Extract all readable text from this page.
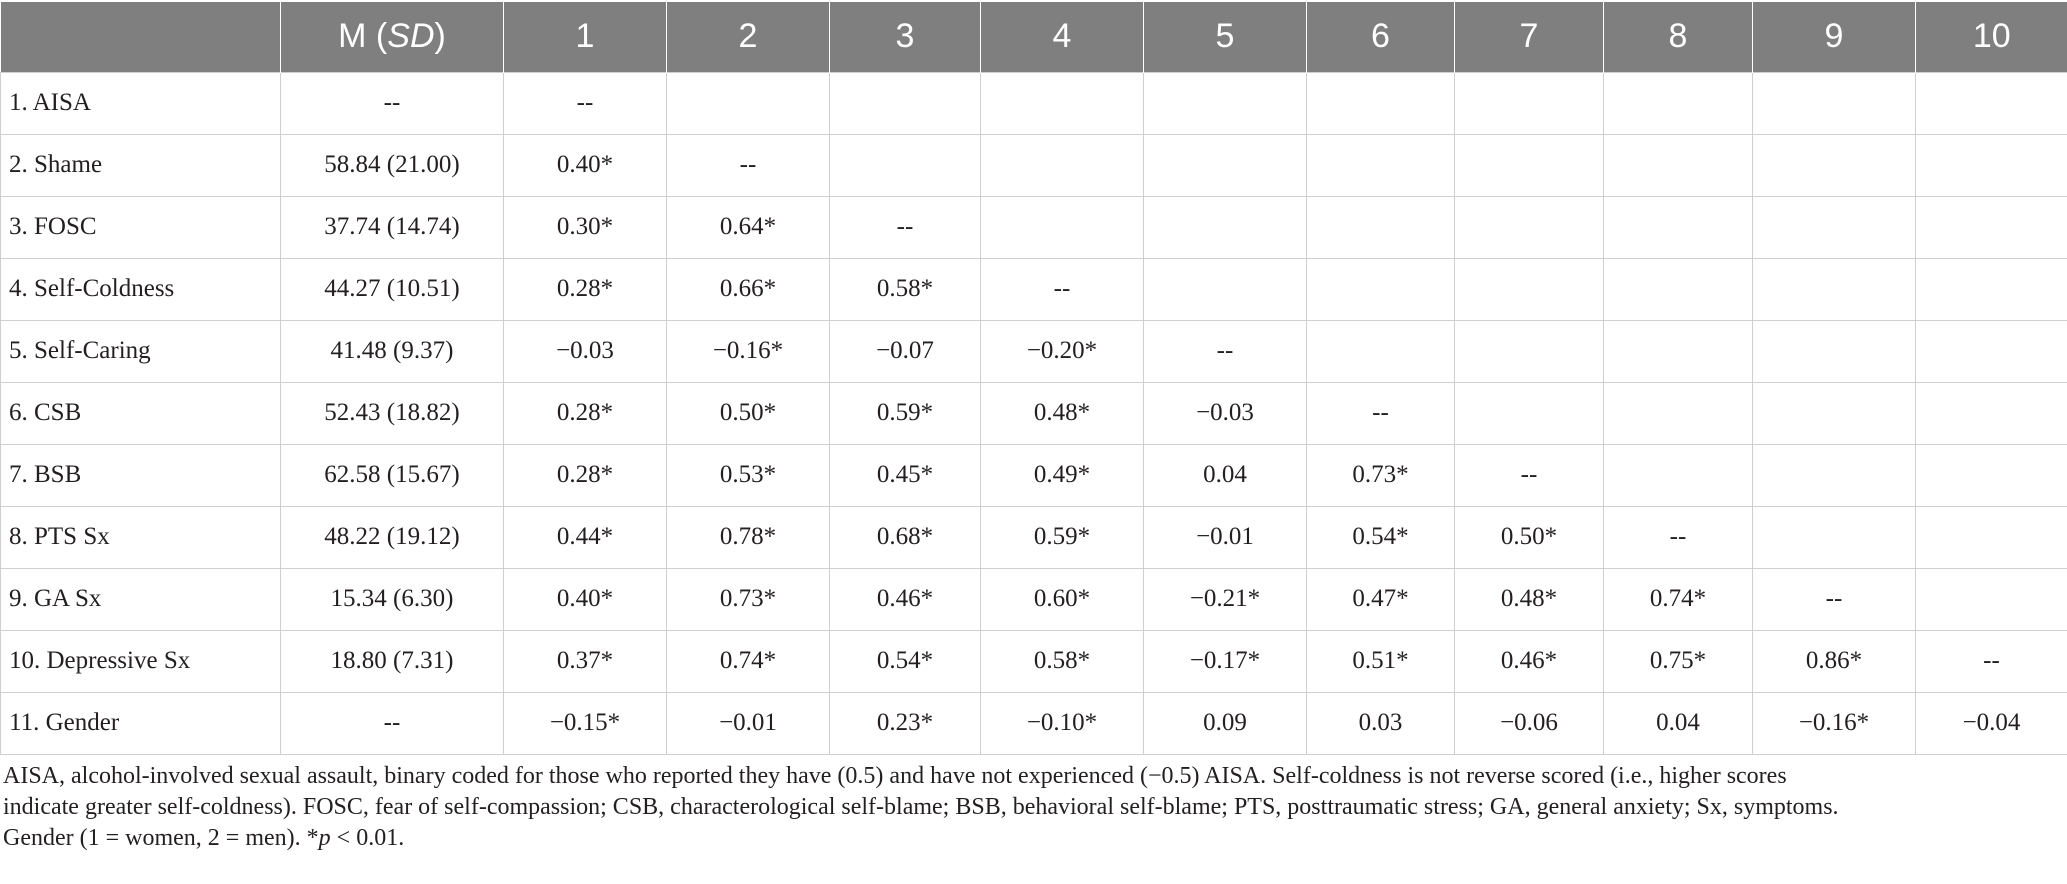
	M (SD)	1	2	3	4	5	6	7	8	9	10
1. AISA	--	--									
2. Shame	58.84 (21.00)	0.40*	--								
3. FOSC	37.74 (14.74)	0.30*	0.64*	--							
4. Self-Coldness	44.27 (10.51)	0.28*	0.66*	0.58*	--						
5. Self-Caring	41.48 (9.37)	−0.03	−0.16*	−0.07	−0.20*	--					
6. CSB	52.43 (18.82)	0.28*	0.50*	0.59*	0.48*	−0.03	--				
7. BSB	62.58 (15.67)	0.28*	0.53*	0.45*	0.49*	0.04	0.73*	--			
8. PTS Sx	48.22 (19.12)	0.44*	0.78*	0.68*	0.59*	−0.01	0.54*	0.50*	--		
9. GA Sx	15.34 (6.30)	0.40*	0.73*	0.46*	0.60*	−0.21*	0.47*	0.48*	0.74*	--	
10. Depressive Sx	18.80 (7.31)	0.37*	0.74*	0.54*	0.58*	−0.17*	0.51*	0.46*	0.75*	0.86*	--
11. Gender	--	−0.15*	−0.01	0.23*	−0.10*	0.09	0.03	−0.06	0.04	−0.16*	−0.04
AISA, alcohol-involved sexual assault, binary coded for those who reported they have (0.5) and have not experienced (−0.5) AISA. Self-coldness is not reverse scored (i.e., higher scores
indicate greater self-coldness). FOSC, fear of self-compassion; CSB, characterological self-blame; BSB, behavioral self-blame; PTS, posttraumatic stress; GA, general anxiety; Sx, symptoms.
Gender (1 = women, 2 = men). *p < 0.01.
